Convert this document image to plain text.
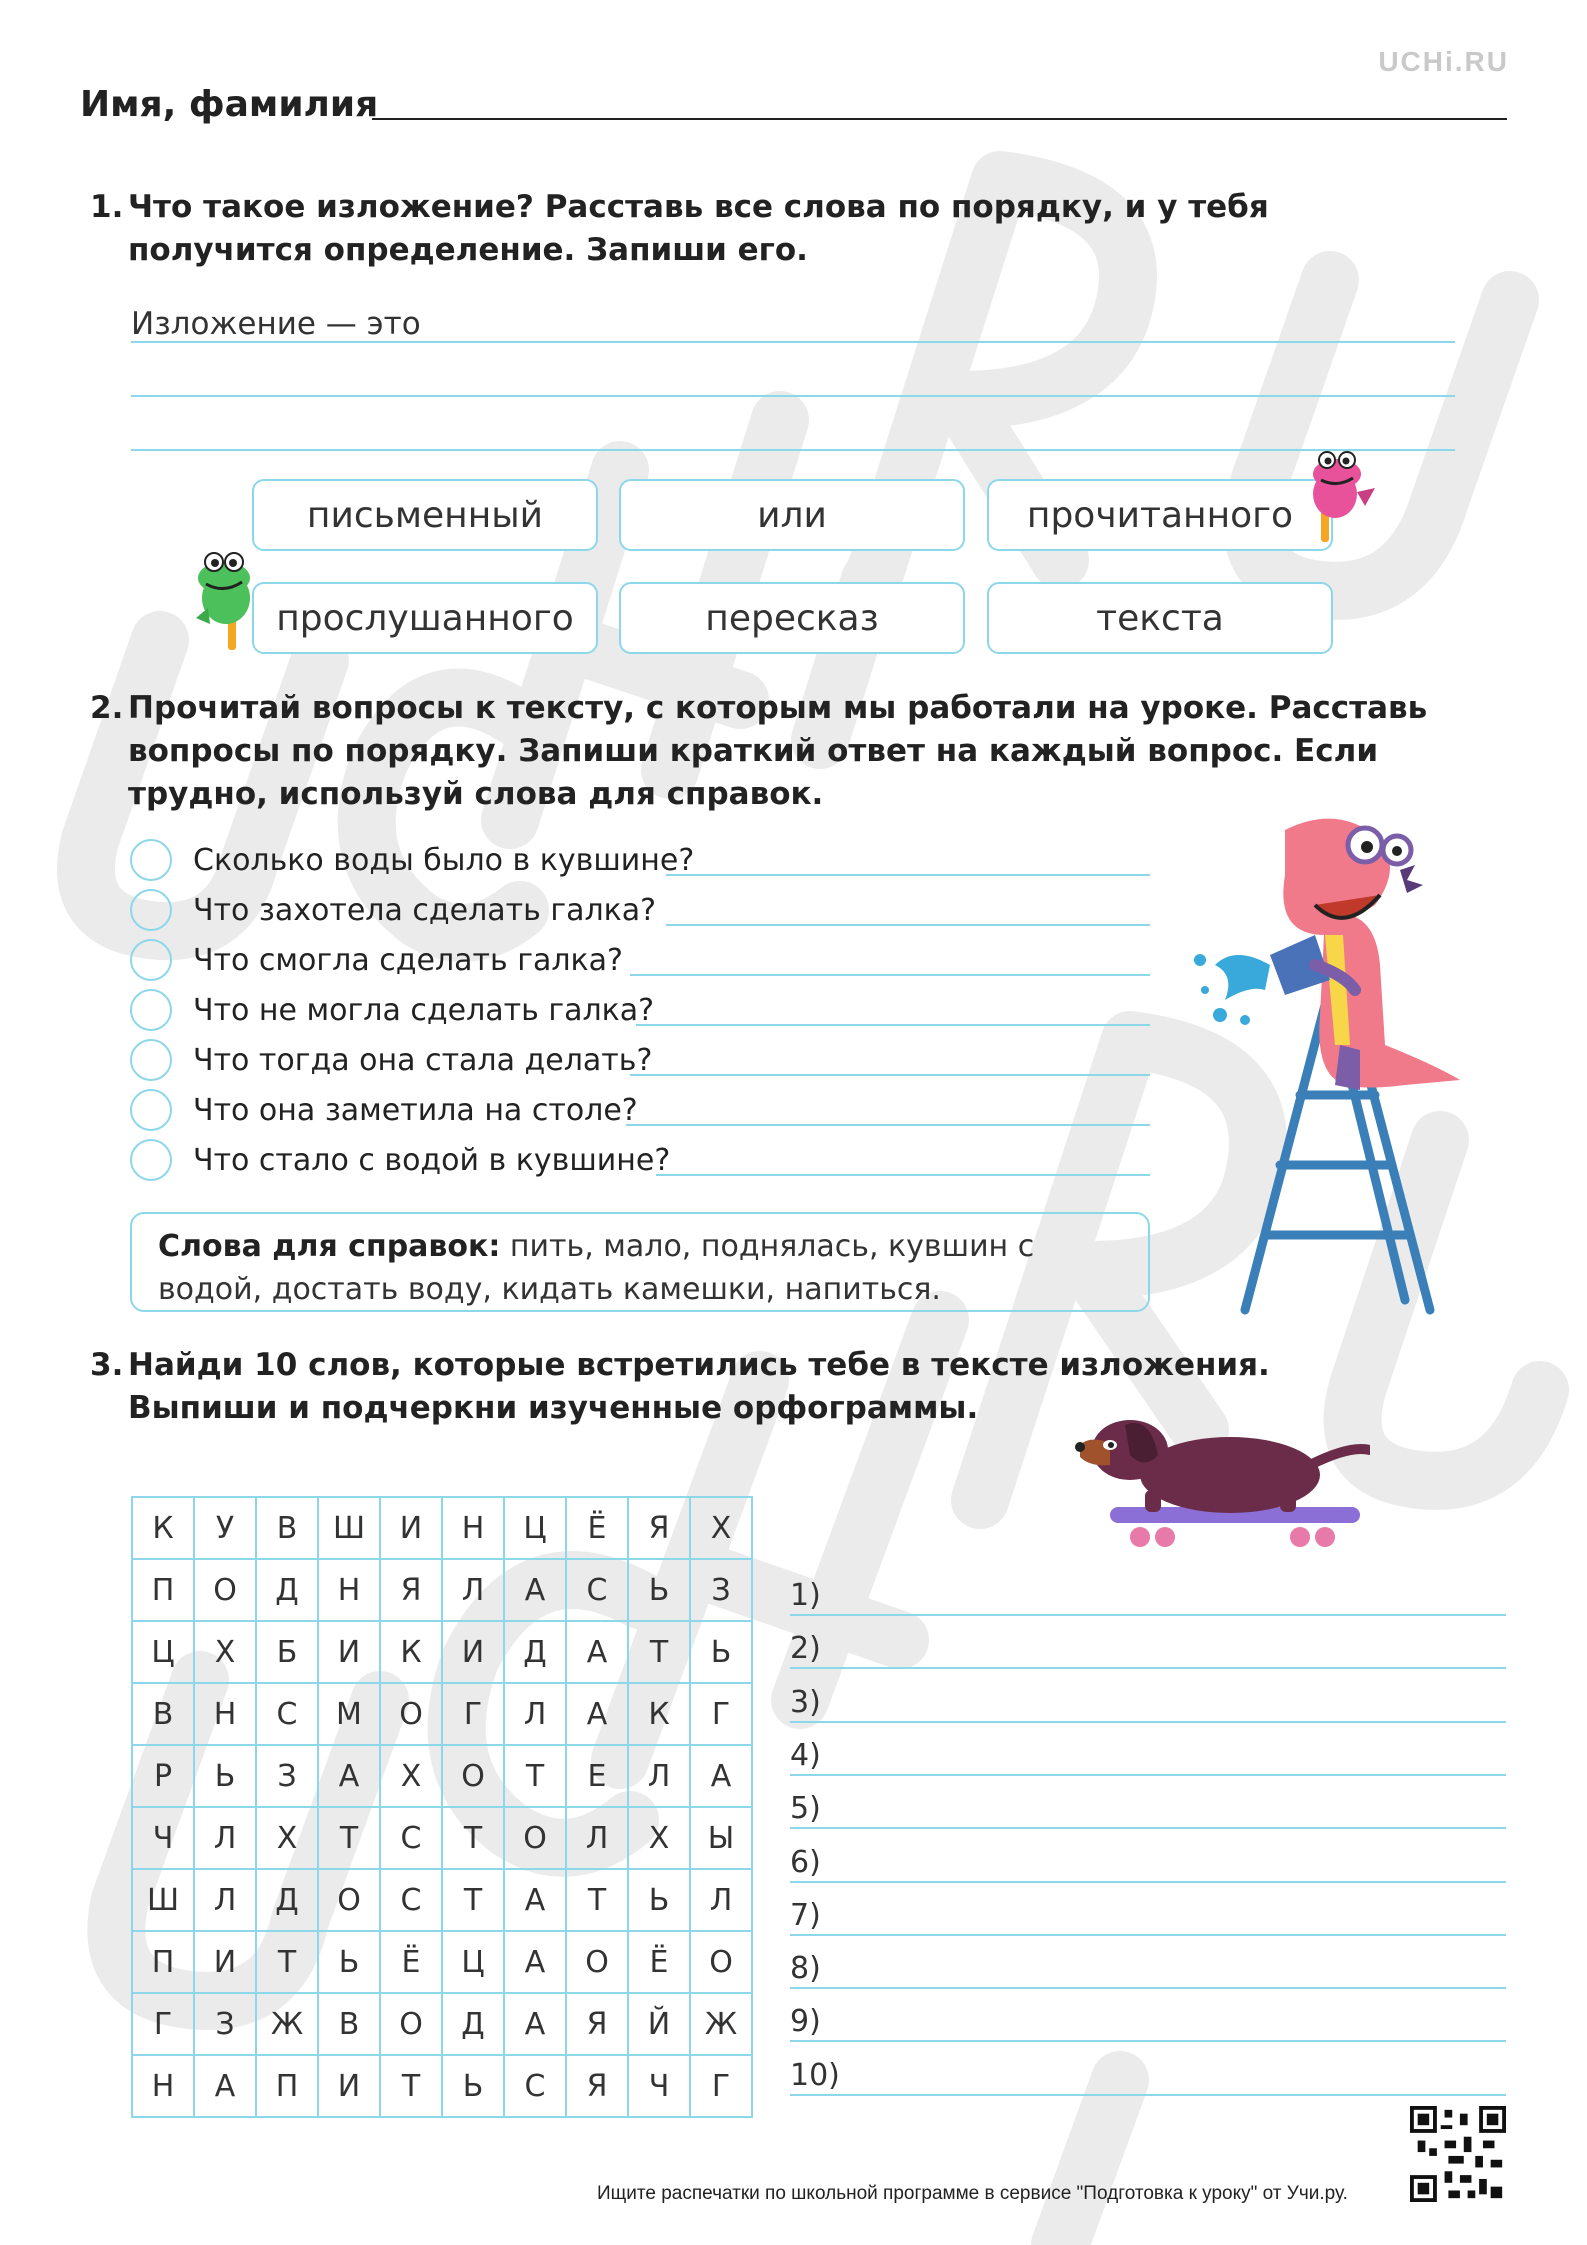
UCHi.RU
Имя, фамилия
1. Что такое изложение? Расставь все слова по порядку, и у тебя получится определение. Запиши его.
Изложение — это
письменный	или	прочитанного
прослушанного	пересказ	текста
2. Прочитай вопросы к тексту, с которым мы работали на уроке. Расставь вопросы по порядку. Запиши краткий ответ на каждый вопрос. Если трудно, используй слова для справок.
Сколько воды было в кувшине?
Что захотела сделать галка?
Что смогла сделать галка?
Что не могла сделать галка?
Что тогда она стала делать?
Что она заметила на столе?
Что стало с водой в кувшине?
Слова для справок: пить, мало, поднялась, кувшин с водой, достать воду, кидать камешки, напиться.
3. Найди 10 слов, которые встретились тебе в тексте изложения. Выпиши и подчеркни изученные орфограммы.
К	У	В	Ш	И	Н	Ц	Ё	Я	Х
П	О	Д	Н	Я	Л	А	С	Ь	З
Ц	Х	Б	И	К	И	Д	А	Т	Ь
В	Н	С	М	О	Г	Л	А	К	Г
Р	Ь	З	А	Х	О	Т	Е	Л	А
Ч	Л	Х	Т	С	Т	О	Л	Х	Ы
Ш	Л	Д	О	С	Т	А	Т	Ь	Л
П	И	Т	Ь	Ё	Ц	А	О	Ё	О
Г	З	Ж	В	О	Д	А	Я	Й	Ж
Н	А	П	И	Т	Ь	С	Я	Ч	Г
1)
2)
3)
4)
5)
6)
7)
8)
9)
10)
Ищите распечатки по школьной программе в сервисе "Подготовка к уроку" от Учи.ру.
